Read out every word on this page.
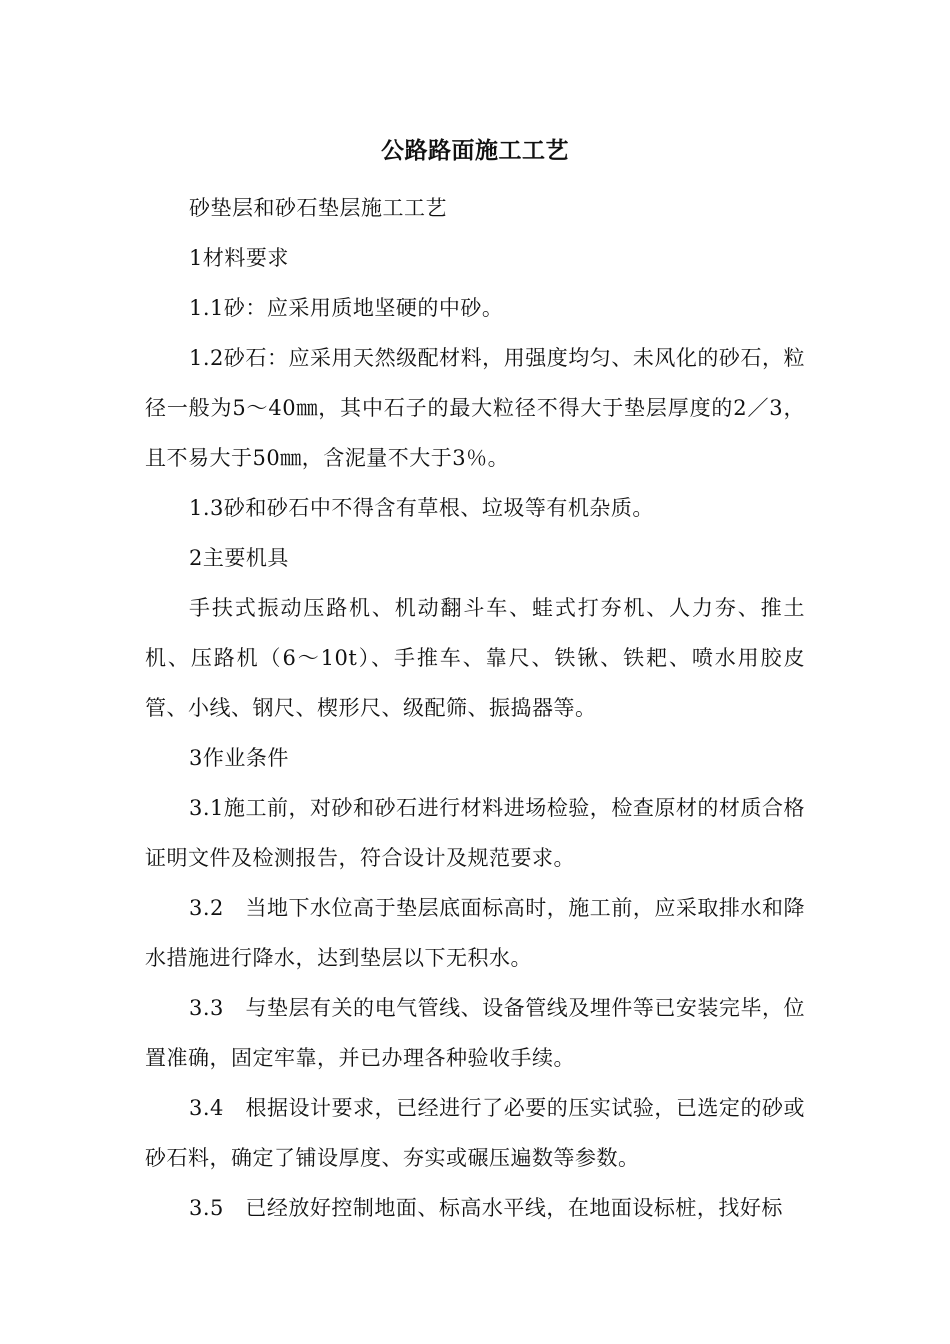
公路路面施工工艺

砂垫层和砂石垫层施工工艺

1材料要求

1.1砂：应采用质地坚硬的中砂。

1.2砂石：应采用天然级配材料，用强度均匀、未风化的砂石，粒径一般为5～40㎜，其中石子的最大粒径不得大于垫层厚度的2／3，且不易大于50㎜，含泥量不大于3％。

1.3砂和砂石中不得含有草根、垃圾等有机杂质。

2主要机具

手扶式振动压路机、机动翻斗车、蛙式打夯机、人力夯、推土机、压路机（6～10t）、手推车、靠尺、铁锹、铁耙、喷水用胶皮管、小线、钢尺、楔形尺、级配筛、振捣器等。

3作业条件

3.1施工前，对砂和砂石进行材料进场检验，检查原材的材质合格证明文件及检测报告，符合设计及规范要求。

3.2　当地下水位高于垫层底面标高时，施工前，应采取排水和降水措施进行降水，达到垫层以下无积水。

3.3　与垫层有关的电气管线、设备管线及埋件等已安装完毕，位置准确，固定牢靠，并已办理各种验收手续。

3.4　根据设计要求，已经进行了必要的压实试验，已选定的砂或砂石料，确定了铺设厚度、夯实或碾压遍数等参数。

3.5　已经放好控制地面、标高水平线，在地面设标桩，找好标
